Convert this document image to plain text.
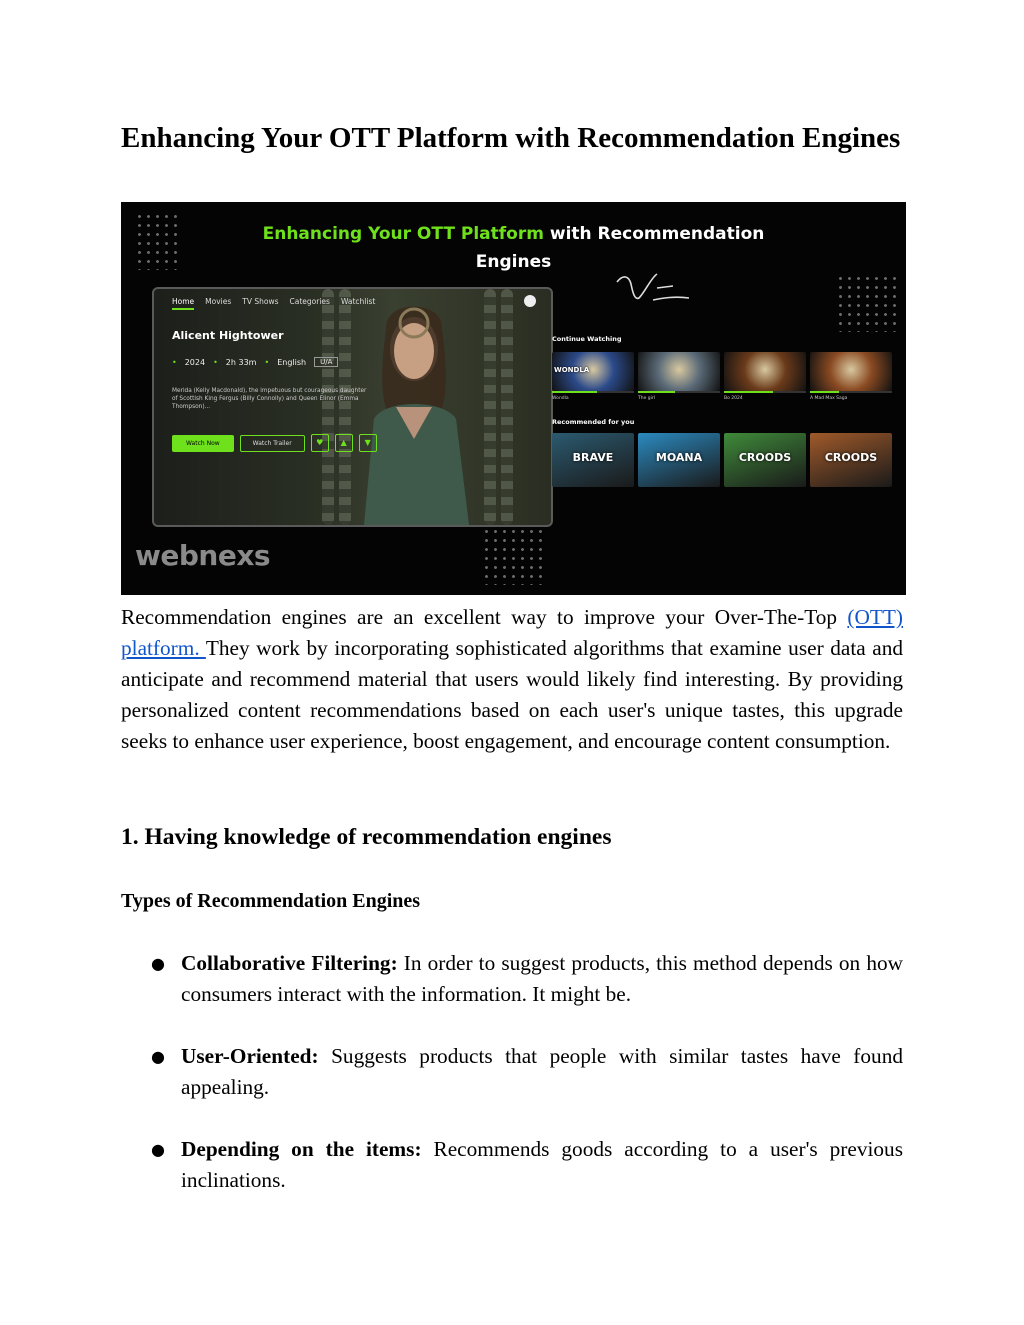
Enhancing Your OTT Platform with Recommendation Engines
Enhancing Your OTT Platform with Recommendation
Engines
Home Movies TV Shows Categories Watchlist
Alicent Hightower
• 2024 • 2h 33m • English	U/A
Merida (Kelly Macdonald), the impetuous but courageous daughter of Scottish King Fergus (Billy Connolly) and Queen Elinor (Emma Thompson)...
Watch Now	Watch Trailer	♥	▲	▼
Continue Watching
WONDLA
Wondla	The girl	Bo 2024	A Mad Max Saga
Recommended for you
BRAVE	MOANA	CROODS	CROODS
webnexs

Recommendation engines are an excellent way to improve your Over-The-Top (OTT) platform. They work by incorporating sophisticated algorithms that examine user data and anticipate and recommend material that users would likely find interesting. By providing personalized content recommendations based on each user's unique tastes, this upgrade seeks to enhance user experience, boost engagement, and encourage content consumption.

1. Having knowledge of recommendation engines
Types of Recommendation Engines
● Collaborative Filtering: In order to suggest products, this method depends on how consumers interact with the information. It might be.
● User-Oriented: Suggests products that people with similar tastes have found appealing.
● Depending on the items: Recommends goods according to a user's previous inclinations.
